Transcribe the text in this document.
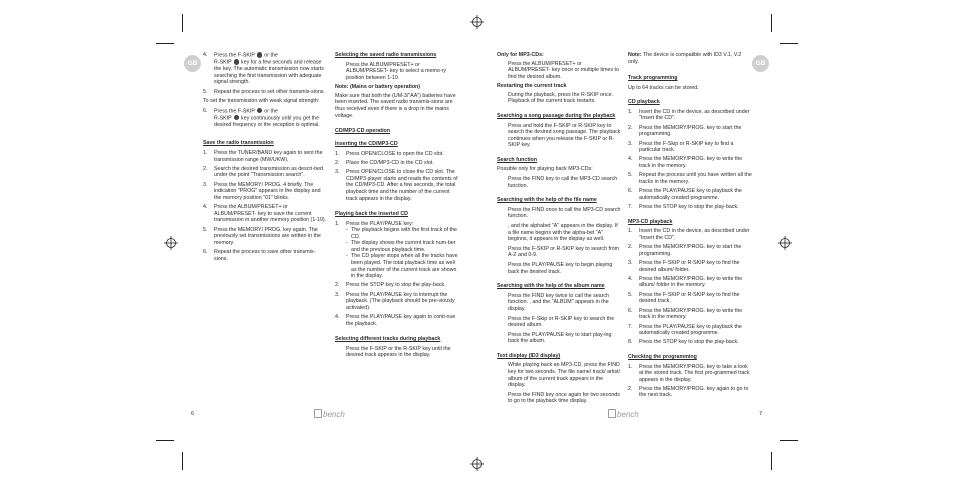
GB	GB
4. Press the F-SKIP or the
R-SKIP key for a few seconds and release the key. The automatic transmission now starts searching the first transmission with adequate signal strength.
5. Repeat the process to set other transmis-sions.

To set the transmission with weak signal strength:

6. Press the F-SKIP or the
R-SKIP key continuously until you get the desired frequency or the reception is optimal.

Save the radio transmission

1. Press the TUNER/BAND key again to sent the transmission range (MW/UKW).
2. Search the desired transmission as descri-bed under the point "Transmission search".
3. Press the MEMORY/ PROG. 4 briefly. The indication "PROG" appears in the display and the memory position "01" blinks.
4. Press the ALBUM/PRESET+ or ALBUM/PRESET- key to save the current transmission in another memory position (1-10).
5. Press the MEMORY/ PROG. key again. The previously set transmissions are written in the memory.
6. Repeat the process to save other transmis-sions.

Selecting the saved radio transmissions

Press the ALBUM/PRESET+ or ALBUM/PRESET- key to select a memo-ry position between 1-10.

Note: (Mains or battery operation)

Make sure that both the (UM-3/"AA") batteries have been inserted. The saved radio transmis-sions are thus received even if there is a drop in the mains voltage.

CD/MP3-CD operation

Inserting the CD/MP3-CD

1. Press OPEN/CLOSE to open the CD slot.
2. Place the CD/MP3-CD in the CD slot.
3. Press OPEN/CLOSE to close the CD slot. The CD/MP3 player starts and reads the contents of the CD/MP3-CD. After a few seconds, the total playback time and the number of the current track appears in the display.

Playing back the inserted CD

1. Press the PLAY/PAUSE key:
- The playback begins with the first track of the CD.
- The display shows the current track num-ber and the previous playback time.
- The CD player stops when all the tracks have been played. The total playback time as well as the number of the current track are shown in the display.
2. Press the STOP key to stop the play-back.
3. Press the PLAY/PAUSE key to interrupt the playback. (The playback should be pre-viously activated).
4. Press the PLAY/PAUSE key again to conti-nue the playback.

Selecting different tracks during playback

Press the F-SKIP or the R-SKIP key until the desired track appears in the display.

Only for MP3-CDs:

Press the ALBUM/PRESET+ or ALBUM/PRESET- key once or multiple times to find the desired album.

Restarting the current track

During the playback, press the R-SKIP once. Playback of the current track restarts.

Searching a song passage during the playback

Press and hold the F-SKIP or R-SKIP key to search the desired song passage. The playback continues when you release the F-SKIP or R-SKIP key.

Search function

Possible only for playing back MP3-CDs:

Press the FIND key to call the MP3-CD search function.

Searching with the help of the file name

Press the FIND once to call the MP3-CD search function.

, and the alphabet "A" appears in the display. If a file name begins with the alpha-bet "A" beginns, it appears in the display as well.

Press the F-SKIP or R-SKIP key to search from A-Z and 0-9.

Press the PLAY/PAUSE key to begin playing back the desired track.

Searching with the help of the album name

Press the FIND key twice to call the search function. , and the "ALBUM" appears in the display.

Press the F-Skip or R-SKIP key to search the desired album.

Press the PLAY/PAUSE key to start play-ing back the album.

Text display (ID3 display)

While playing back an MP3-CD, press the FIND key for two seconds. The file name/ track/ artist/ album of the current track appears in the display.

Press the FIND key once again for two seconds to go to the playback time display.

Note: The device is compatible with ID3 V.1, V.2 only.

Track programming

Up to 64 tracks can be stored.

CD playback

1. Insert the CD in the device, as described under "Insert the CD".
2. Press the MEMORY/PROG. key to start the programming.
3. Press the F-Skip or R-SKIP key to find a particular track.
4. Press the MEMORY/PROG. key to write the track in the memory.
5. Repeat the process until you have written all the tracks in the memory.
6. Press the PLAY/PAUSE key to playback the automatically created programme.
7. Press the STOP key to stop the play-back.

MP3-CD playback

1. Insert the CD in the device, as described under "Insert the CD".
2. Press the MEMORY/PROG. key to start the programming.
3. Press the F-SKIP or R-SKIP key to find the desired album/ folder.
4. Press the MEMORY/PROG. key to write the album/ folder in the memory.
5. Press the F-SKIP or R-SKIP key to find the desired track.
6. Press the MEMORY/PROG. key to write the track in the memory.
7. Press the PLAY/PAUSE key to playback the automatically created programme.
8. Press the STOP key to stop the play-back.

Checking the programming

1. Press the MEMORY/PROG. key to take a look at the stored track. The first pro-grammed track appears in the display.
2. Press the MEMORY/PROG. key again to go to the next track.
6	bench	bench	7
